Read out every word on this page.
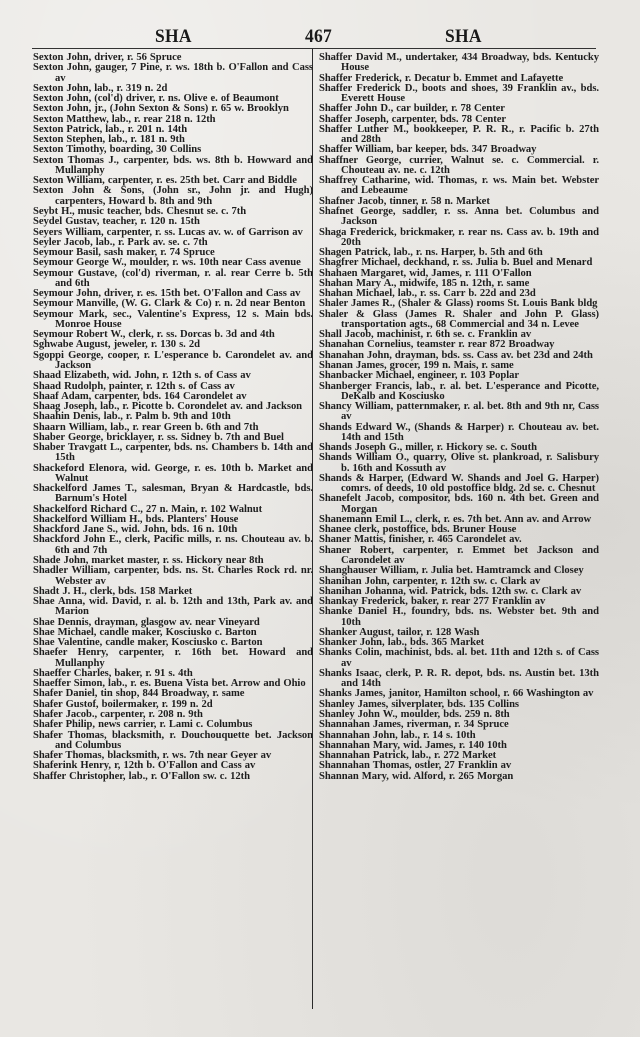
SHA	467	SHA

Sexton John, driver, r. 56 Spruce

Sexton John, gauger, 7 Pine, r. ws. 18th b. O'Fallon and Cass av

Sexton John, lab., r. 319 n. 2d

Sexton John, (col'd) driver, r. ns. Olive e. of Beaumont

Sexton John, jr., (John Sexton & Sons) r. 65 w. Brooklyn

Sexton Matthew, lab., r. rear 218 n. 12th

Sexton Patrick, lab., r. 201 n. 14th

Sexton Stephen, lab., r. 181 n. 9th

Sexton Timothy, boarding, 30 Collins

Sexton Thomas J., carpenter, bds. ws. 8th b. Howward and Mullanphy

Sexton William, carpenter, r. es. 25th bet. Carr and Biddle

Sexton John & Sons, (John sr., John jr. and Hugh) carpenters, Howard b. 8th and 9th

Seybt H., music teacher, bds. Chesnut se. c. 7th

Seydel Gustav, teacher, r. 120 n. 15th

Seyers William, carpenter, r. ss. Lucas av. w. of Garrison av

Seyler Jacob, lab., r. Park av. se. c. 7th

Seymour Basil, sash maker, r. 74 Spruce

Seymour George W., moulder, r. ws. 10th near Cass avenue

Seymour Gustave, (col'd) riverman, r. al. rear Cerre b. 5th and 6th

Seymour John, driver, r. es. 15th bet. O'Fallon and Cass av

Seymour Manville, (W. G. Clark & Co) r. n. 2d near Benton

Seymour Mark, sec., Valentine's Express, 12 s. Main bds. Monroe House

Seymour Robert W., clerk, r. ss. Dorcas b. 3d and 4th

Sghwabe August, jeweler, r. 130 s. 2d

Sgoppi George, cooper, r. L'esperance b. Carondelet av. and Jackson

Shaad Elizabeth, wid. John, r. 12th s. of Cass av

Shaad Rudolph, painter, r. 12th s. of Cass av

Shaaf Adam, carpenter, bds. 164 Carondelet av

Shaag Joseph, lab., r. Picotte b. Corondelet av. and Jackson

Shaahin Denis, lab., r. Palm b. 9th and 10th

Shaarn William, lab., r. rear Green b. 6th and 7th

Shaber George, bricklayer, r. ss. Sidney b. 7th and Buel

Shaber Travgatt L., carpenter, bds. ns. Chambers b. 14th and 15th

Shackeford Elenora, wid. George, r. es. 10th b. Market and Walnut

Shackelford James T., salesman, Bryan & Hardcastle, bds. Barnum's Hotel

Shackelford Richard C., 27 n. Main, r. 102 Walnut

Shackelford William H., bds. Planters' House

Shackford Jane S., wid. John, bds. 16 n. 10th

Shackford John E., clerk, Pacific mills, r. ns. Chouteau av. b. 6th and 7th

Shade John, market master, r. ss. Hickory near 8th

Shadler William, carpenter, bds. ns. St. Charles Rock rd. nr. Webster av

Shadt J. H., clerk, bds. 158 Market

Shae Anna, wid. David, r. al. b. 12th and 13th, Park av. and Marion

Shae Dennis, drayman, glasgow av. near Vineyard

Shae Michael, candle maker, Kosciusko c. Barton

Shae Valentine, candle maker, Kosciusko c. Barton

Shaefer Henry, carpenter, r. 16th bet. Howard and Mullanphy

Shaeffer Charles, baker, r. 91 s. 4th

Shaeffer Simon, lab., r. es. Buena Vista bet. Arrow and Ohio

Shafer Daniel, tin shop, 844 Broadway, r. same

Shafer Gustof, boilermaker, r. 199 n. 2d

Shafer Jacob., carpenter, r. 208 n. 9th

Shafer Philip, news carrier, r. Lami c. Columbus

Shafer Thomas, blacksmith, r. Douchouquette bet. Jackson and Columbus

Shafer Thomas, blacksmith, r. ws. 7th near Geyer av

Shaferink Henry, r, 12th b. O'Fallon and Cass av

Shaffer Christopher, lab., r. O'Fallon sw. c. 12th

Shaffer David M., undertaker, 434 Broadway, bds. Kentucky House

Shaffer Frederick, r. Decatur b. Emmet and Lafayette

Shaffer Frederick D., boots and shoes, 39 Franklin av., bds. Everett House

Shaffer John D., car builder, r. 78 Center

Shaffer Joseph, carpenter, bds. 78 Center

Shaffer Luther M., bookkeeper, P. R. R., r. Pacific b. 27th and 28th

Shaffer William, bar keeper, bds. 347 Broadway

Shaffner George, currier, Walnut se. c. Commercial. r. Chouteau av. ne. c. 12th

Shaffrey Catharine, wid. Thomas, r. ws. Main bet. Webster and Lebeaume

Shafner Jacob, tinner, r. 58 n. Market

Shafnet George, saddler, r. ss. Anna bet. Columbus and Jackson

Shaga Frederick, brickmaker, r. rear ns. Cass av. b. 19th and 20th

Shagen Patrick, lab., r. ns. Harper, b. 5th and 6th

Shagfrer Michael, deckhand, r. ss. Julia b. Buel and Menard

Shahaen Margaret, wid, James, r. 111 O'Fallon

Shahan Mary A., midwife, 185 n. 12th, r. same

Shahan Michael, lab., r. ss. Carr b. 22d and 23d

Shaler James R., (Shaler & Glass) rooms St. Louis Bank bldg

Shaler & Glass (James R. Shaler and John P. Glass) transportation agts., 68 Commercial and 34 n. Levee

Shall Jacob, machinist, r. 6th se. c. Franklin av

Shanahan Cornelius, teamster r. rear 872 Broadway

Shanahan John, drayman, bds. ss. Cass av. bet 23d and 24th

Shanan James, grocer, 199 n. Mais, r. same

Shanbacker Michael, engineer, r. 103 Poplar

Shanberger Francis, lab., r. al. bet. L'esperance and Picotte, DeKalb and Kosciusko

Shancy William, patternmaker, r. al. bet. 8th and 9th nr, Cass av

Shands Edward W., (Shands & Harper) r. Chouteau av. bet. 14th and 15th

Shands Joseph G., miller, r. Hickory se. c. South

Shands William O., quarry, Olive st. plankroad, r. Salisbury b. 16th and Kossuth av

Shands & Harper, (Edward W. Shands and Joel G. Harper) comrs. of deeds, 10 old postoffice bldg. 2d se. c. Chesnut

Shanefelt Jacob, compositor, bds. 160 n. 4th bet. Green and Morgan

Shanemann Emil L., clerk, r. es. 7th bet. Ann av. and Arrow

Shanee clerk, postoffice, bds. Bruner House

Shaner Mattis, finisher, r. 465 Carondelet av.

Shaner Robert, carpenter, r. Emmet bet Jackson and Carondelet av

Shanghauser William, r. Julia bet. Hamtramck and Closey

Shanihan John, carpenter, r. 12th sw. c. Clark av

Shanihan Johanna, wid. Patrick, bds. 12th sw. c. Clark av

Shankay Frederick, baker, r. rear 277 Franklin av

Shanke Daniel H., foundry, bds. ns. Webster bet. 9th and 10th

Shanker August, tailor, r. 128 Wash

Shanker John, lab., bds. 365 Market

Shanks Colin, machinist, bds. al. bet. 11th and 12th s. of Cass av

Shanks Isaac, clerk, P. R. R. depot, bds. ns. Austin bet. 13th and 14th

Shanks James, janitor, Hamilton school, r. 66 Washington av

Shanley James, silverplater, bds. 135 Collins

Shanley John W., moulder, bds. 259 n. 8th

Shannahan James, riverman, r. 34 Spruce

Shannahan John, lab., r. 14 s. 10th

Shannahan Mary, wid. James, r. 140 10th

Shannahan Patrick, lab., r. 272 Market

Shannahan Thomas, ostler, 27 Franklin av

Shannan Mary, wid. Alford, r. 265 Morgan
